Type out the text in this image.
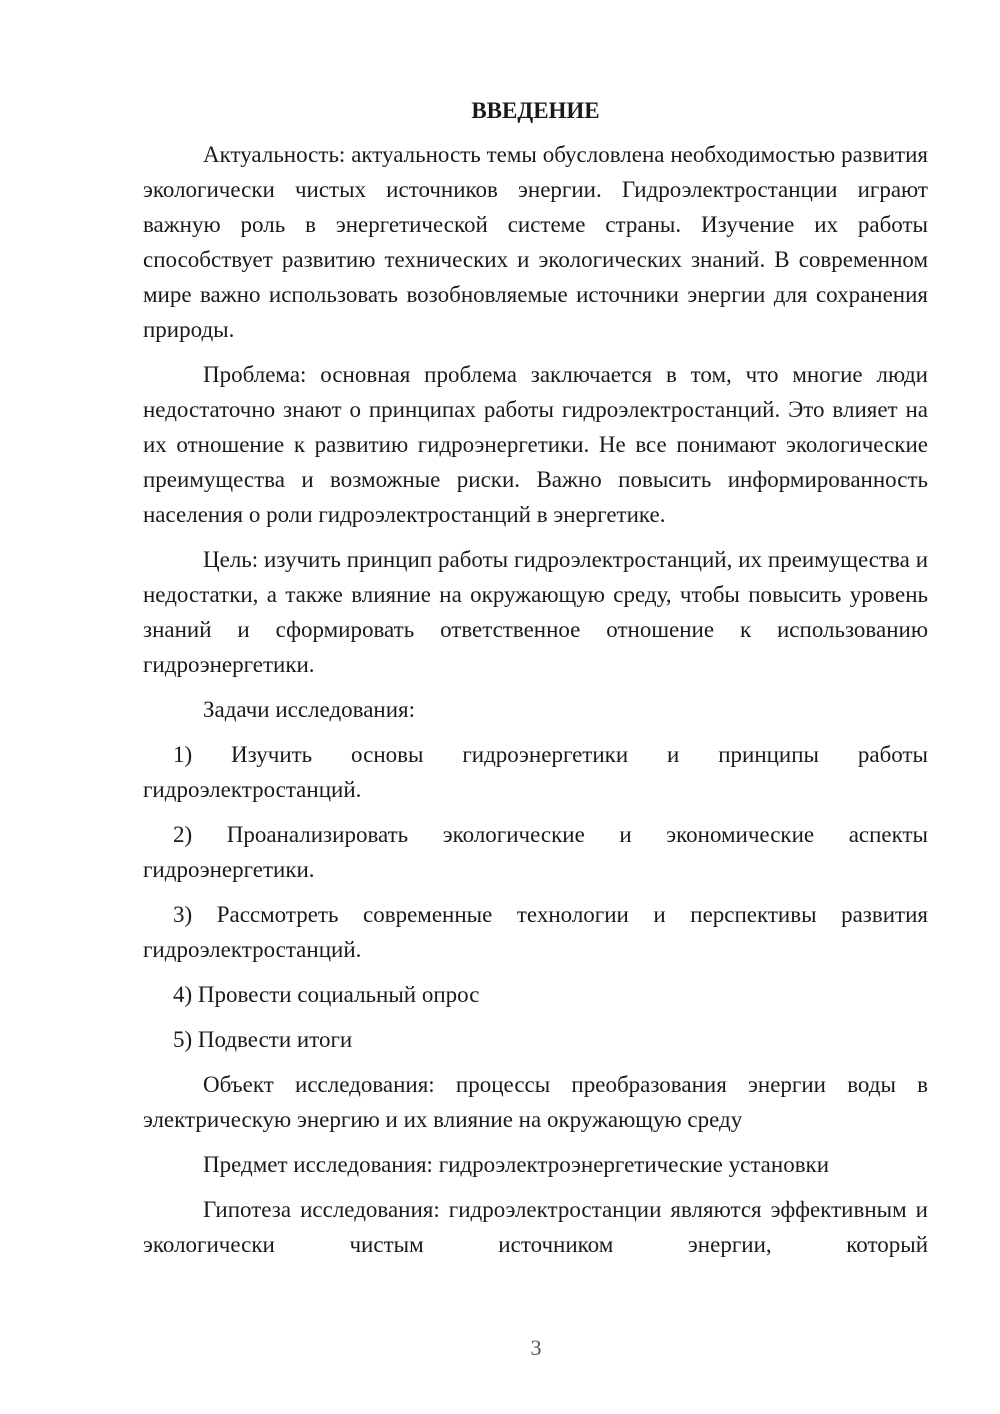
ВВЕДЕНИЕ

Актуальность: актуальность темы обусловлена необходимостью развития экологически чистых источников энергии. Гидроэлектростанции играют важную роль в энергетической системе страны. Изучение их работы способствует развитию технических и экологических знаний. В современном мире важно использовать возобновляемые источники энергии для сохранения природы.

Проблема: основная проблема заключается в том, что многие люди недостаточно знают о принципах работы гидроэлектростанций. Это влияет на их отношение к развитию гидроэнергетики. Не все понимают экологические преимущества и возможные риски. Важно повысить информированность населения о роли гидроэлектростанций в энергетике.

Цель: изучить принцип работы гидроэлектростанций, их преимущества и недостатки, а также влияние на окружающую среду, чтобы повысить уровень знаний и сформировать ответственное отношение к использованию гидроэнергетики.

Задачи исследования:

1) Изучить основы гидроэнергетики и принципы работы гидроэлектростанций.

2) Проанализировать экологические и экономические аспекты гидроэнергетики.

3) Рассмотреть современные технологии и перспективы развития гидроэлектростанций.

4) Провести социальный опрос

5) Подвести итоги

Объект исследования: процессы преобразования энергии воды в электрическую энергию и их влияние на окружающую среду

Предмет исследования: гидроэлектроэнергетические установки

Гипотеза исследования: гидроэлектростанции являются эффективным и экологически чистым источником энергии, который

3
